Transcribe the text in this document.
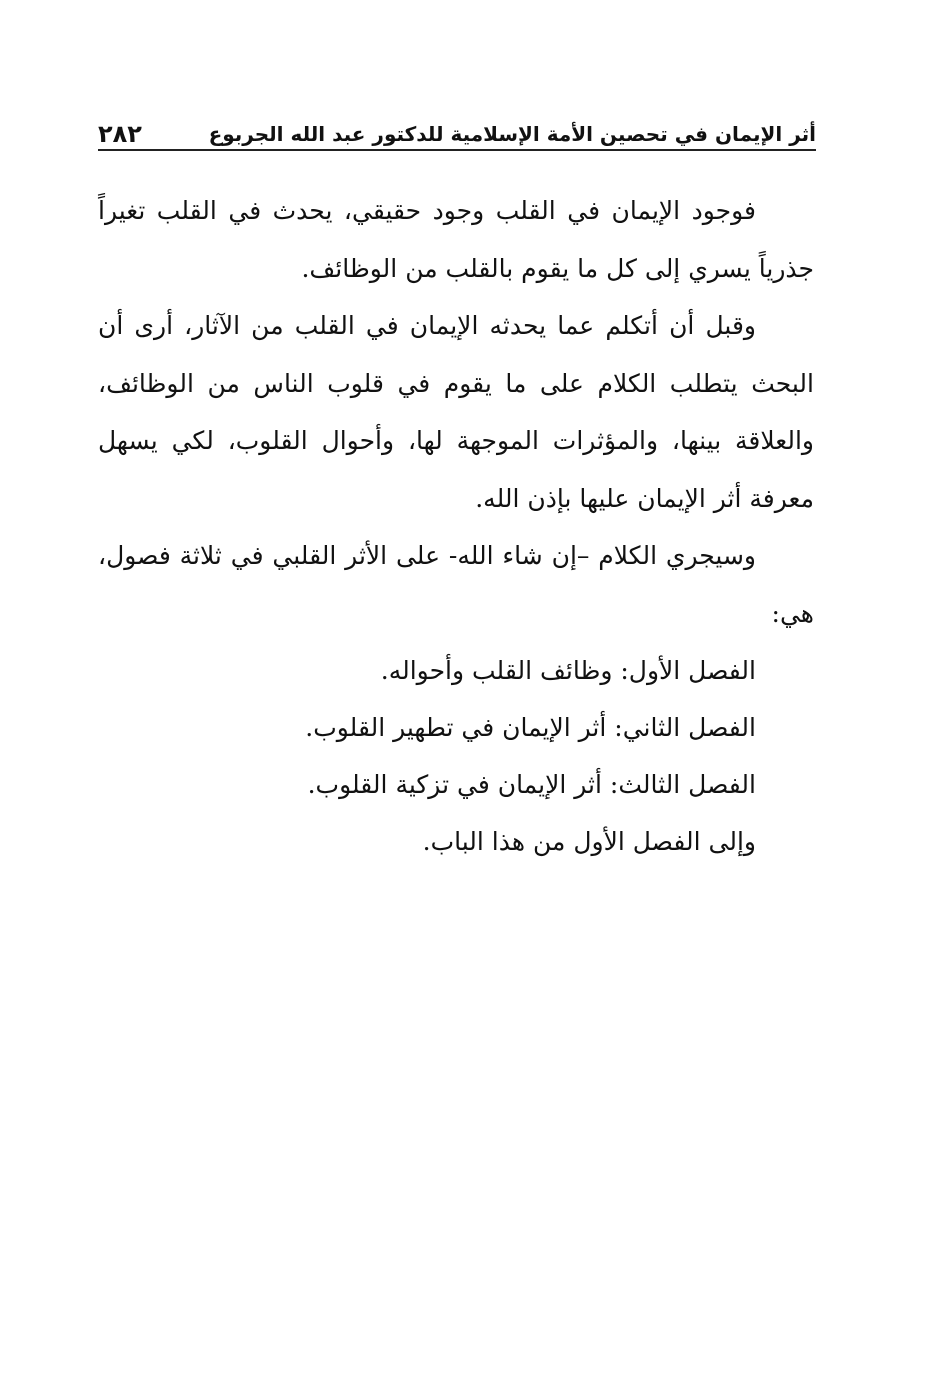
أثر الإيمان في تحصين الأمة الإسلامية للدكتور عبد الله الجربوع
٢٨٢

فوجود الإيمان في القلب وجود حقيقي، يحدث في القلب تغيراً جذرياً يسري إلى كل ما يقوم بالقلب من الوظائف.

وقبل أن أتكلم عما يحدثه الإيمان في القلب من الآثار، أرى أن البحث يتطلب الكلام على ما يقوم في قلوب الناس من الوظائف، والعلاقة بينها، والمؤثرات الموجهة لها، وأحوال القلوب، لكي يسهل معرفة أثر الإيمان عليها بإذن الله.

وسيجري الكلام –إن شاء الله- على الأثر القلبي في ثلاثة فصول، هي:

الفصل الأول: وظائف القلب وأحواله.
الفصل الثاني: أثر الإيمان في تطهير القلوب.
الفصل الثالث: أثر الإيمان في تزكية القلوب.
وإلى الفصل الأول من هذا الباب.
